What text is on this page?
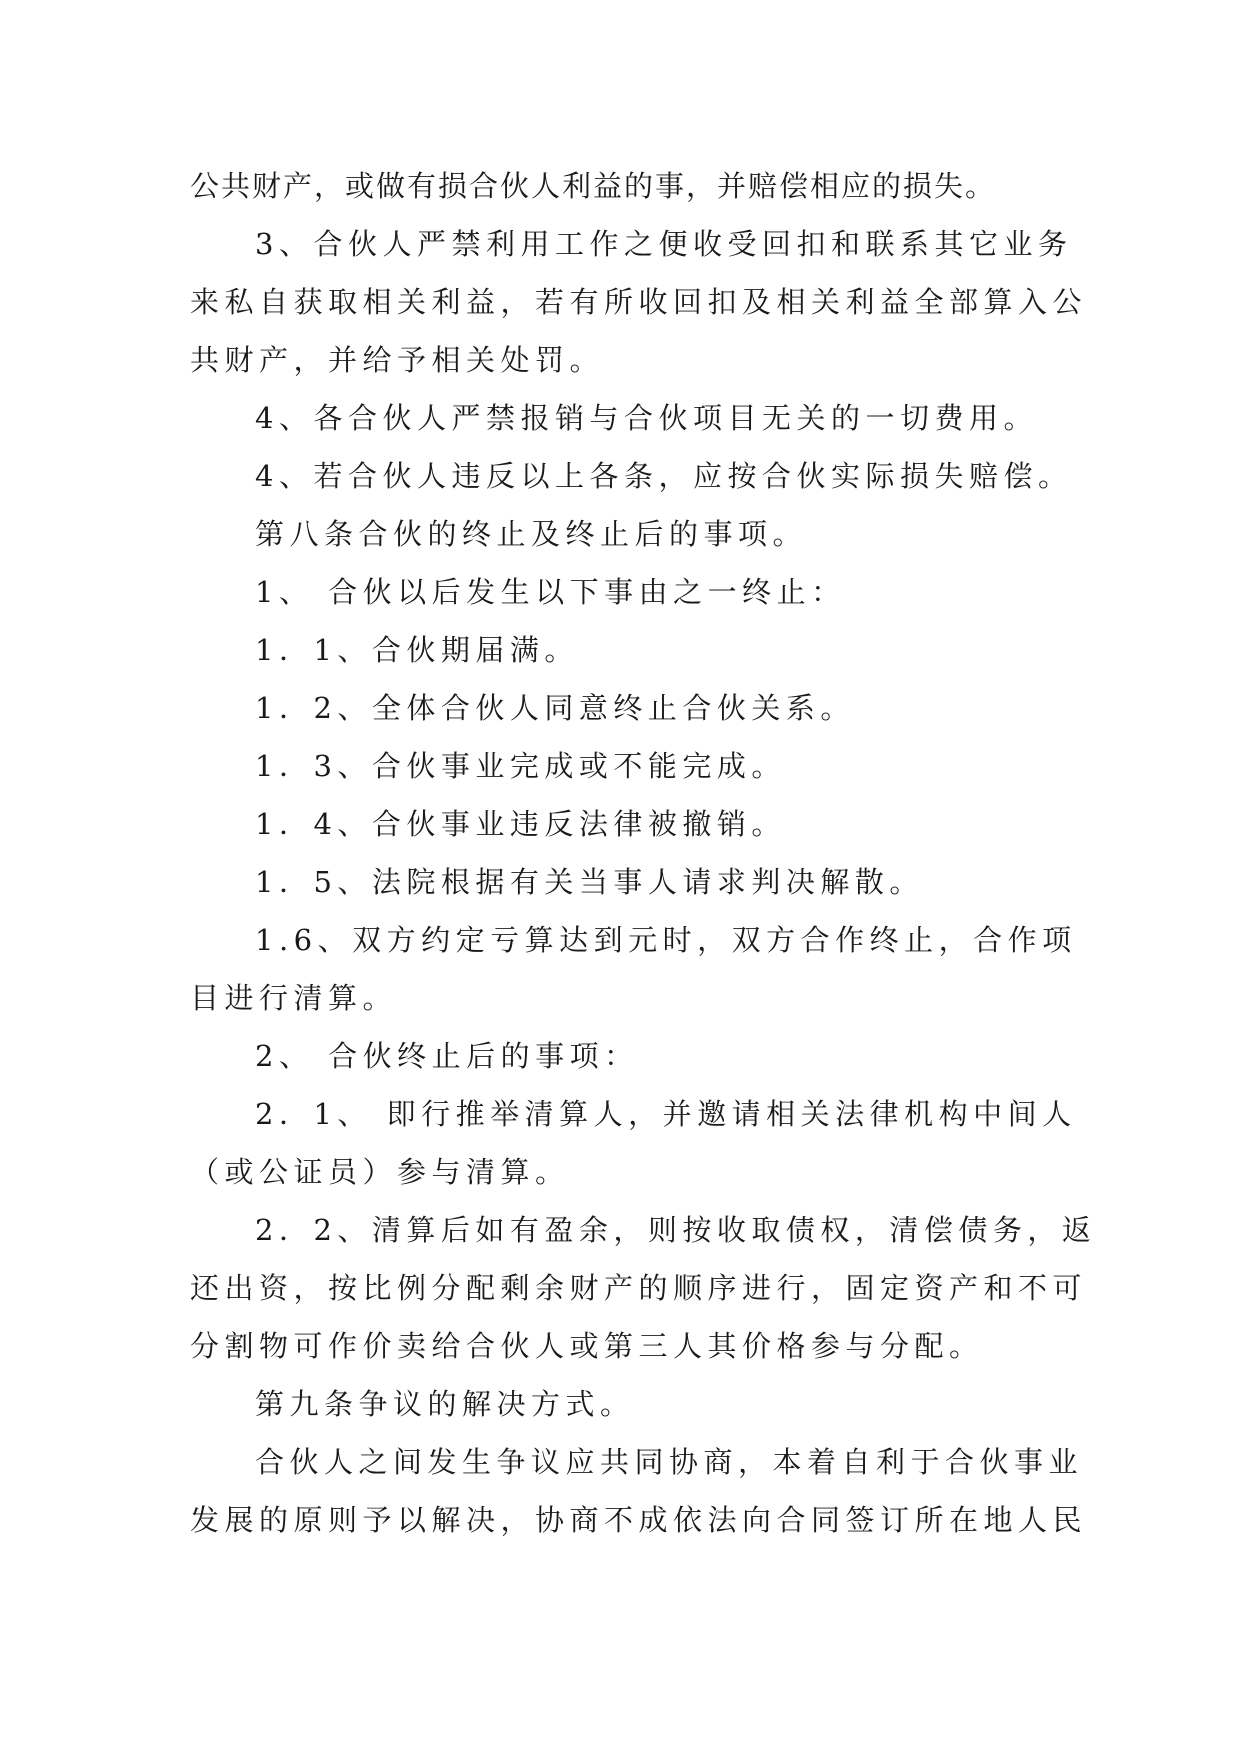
公共财产，或做有损合伙人利益的事，并赔偿相应的损失。
3、合伙人严禁利用工作之便收受回扣和联系其它业务
来私自获取相关利益，若有所收回扣及相关利益全部算入公
共财产，并给予相关处罚。
4、各合伙人严禁报销与合伙项目无关的一切费用。
4、若合伙人违反以上各条，应按合伙实际损失赔偿。
第八条合伙的终止及终止后的事项。
1、 合伙以后发生以下事由之一终止：
1．1、合伙期届满。
1．2、全体合伙人同意终止合伙关系。
1．3、合伙事业完成或不能完成。
1．4、合伙事业违反法律被撤销。
1．5、法院根据有关当事人请求判决解散。
1.6、双方约定亏算达到元时，双方合作终止，合作项
目进行清算。
2、 合伙终止后的事项：
2．1、 即行推举清算人，并邀请相关法律机构中间人
（或公证员）参与清算。
2．2、清算后如有盈余，则按收取债权，清偿债务，返
还出资，按比例分配剩余财产的顺序进行，固定资产和不可
分割物可作价卖给合伙人或第三人其价格参与分配。
第九条争议的解决方式。
合伙人之间发生争议应共同协商，本着自利于合伙事业
发展的原则予以解决，协商不成依法向合同签订所在地人民
